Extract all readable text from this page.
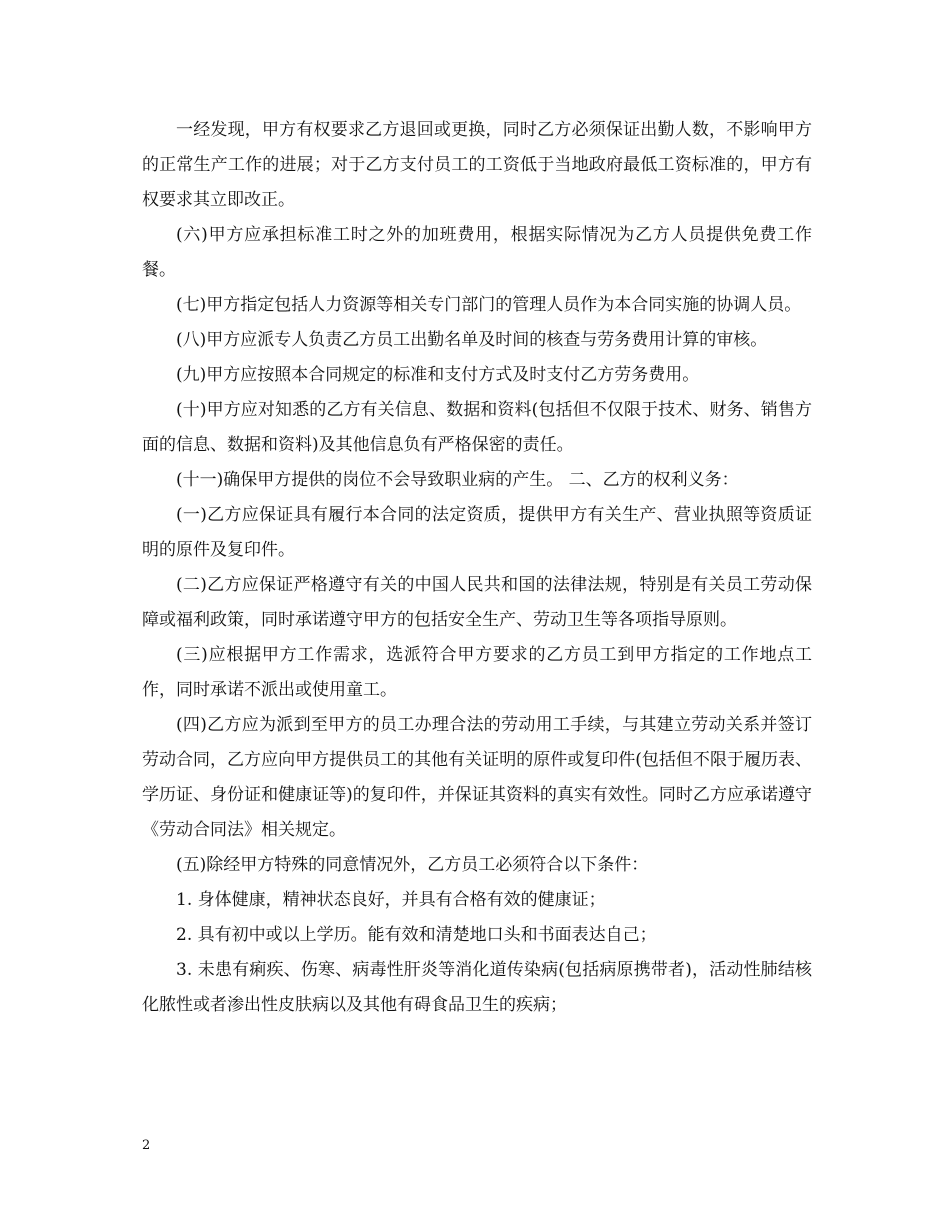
一经发现，甲方有权要求乙方退回或更换，同时乙方必须保证出勤人数，不影响甲方的正常生产工作的进展；对于乙方支付员工的工资低于当地政府最低工资标准的，甲方有权要求其立即改正。

(六)甲方应承担标准工时之外的加班费用，根据实际情况为乙方人员提供免费工作餐。

(七)甲方指定包括人力资源等相关专门部门的管理人员作为本合同实施的协调人员。

(八)甲方应派专人负责乙方员工出勤名单及时间的核查与劳务费用计算的审核。

(九)甲方应按照本合同规定的标准和支付方式及时支付乙方劳务费用。

(十)甲方应对知悉的乙方有关信息、数据和资料(包括但不仅限于技术、财务、销售方面的信息、数据和资料)及其他信息负有严格保密的责任。

(十一)确保甲方提供的岗位不会导致职业病的产生。 二、乙方的权利义务：

(一)乙方应保证具有履行本合同的法定资质，提供甲方有关生产、营业执照等资质证明的原件及复印件。

(二)乙方应保证严格遵守有关的中国人民共和国的法律法规，特别是有关员工劳动保障或福利政策，同时承诺遵守甲方的包括安全生产、劳动卫生等各项指导原则。

(三)应根据甲方工作需求，选派符合甲方要求的乙方员工到甲方指定的工作地点工作，同时承诺不派出或使用童工。

(四)乙方应为派到至甲方的员工办理合法的劳动用工手续，与其建立劳动关系并签订劳动合同，乙方应向甲方提供员工的其他有关证明的原件或复印件(包括但不限于履历表、学历证、身份证和健康证等)的复印件，并保证其资料的真实有效性。同时乙方应承诺遵守《劳动合同法》相关规定。

(五)除经甲方特殊的同意情况外，乙方员工必须符合以下条件：

1. 身体健康，精神状态良好，并具有合格有效的健康证；

2. 具有初中或以上学历。能有效和清楚地口头和书面表达自己；

3. 未患有痢疾、伤寒、病毒性肝炎等消化道传染病(包括病原携带者)，活动性肺结核化脓性或者渗出性皮肤病以及其他有碍食品卫生的疾病；

2
